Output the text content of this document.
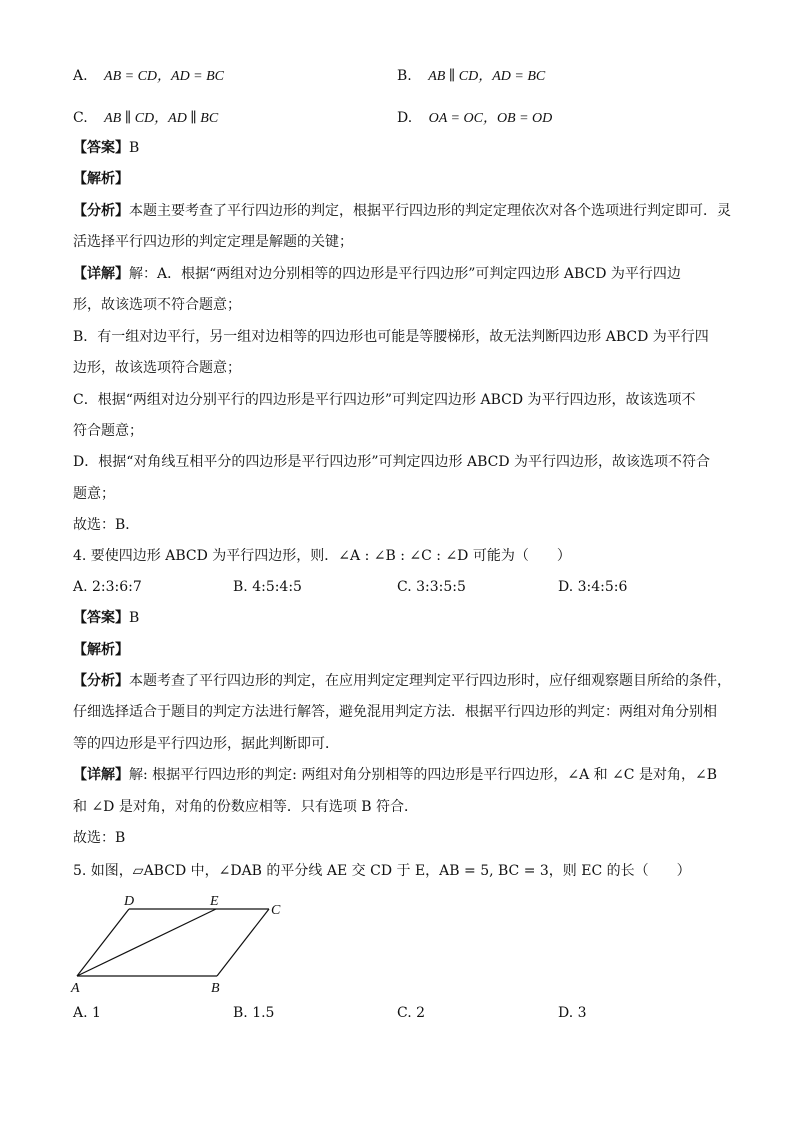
A. AB = CD，AD = BC	B. AB ∥ CD，AD = BC
C. AB ∥ CD，AD ∥ BC	D. OA = OC，OB = OD
【答案】B
【解析】
【分析】本题主要考查了平行四边形的判定，根据平行四边形的判定定理依次对各个选项进行判定即可．灵
活选择平行四边形的判定定理是解题的关键；
【详解】解：A．根据“两组对边分别相等的四边形是平行四边形”可判定四边形 ABCD 为平行四边
形，故该选项不符合题意；
B．有一组对边平行，另一组对边相等的四边形也可能是等腰梯形，故无法判断四边形 ABCD 为平行四
边形，故该选项符合题意；
C．根据“两组对边分别平行的四边形是平行四边形”可判定四边形 ABCD 为平行四边形，故该选项不
符合题意；
D．根据“对角线互相平分的四边形是平行四边形”可判定四边形 ABCD 为平行四边形，故该选项不符合
题意；
故选：B．
4. 要使四边形 ABCD 为平行四边形，则．∠A : ∠B : ∠C : ∠D 可能为（　　）
A. 2:3:6:7	B. 4:5:4:5	C. 3:3:5:5	D. 3:4:5:6
【答案】B
【解析】
【分析】本题考查了平行四边形的判定，在应用判定定理判定平行四边形时，应仔细观察题目所给的条件，
仔细选择适合于题目的判定方法进行解答，避免混用判定方法．根据平行四边形的判定：两组对角分别相
等的四边形是平行四边形，据此判断即可．
【详解】解: 根据平行四边形的判定: 两组对角分别相等的四边形是平行四边形，∠A 和 ∠C 是对角，∠B
和 ∠D 是对角，对角的份数应相等．只有选项 B 符合．
故选：B
5. 如图，▱ABCD 中，∠DAB 的平分线 AE 交 CD 于 E，AB = 5, BC = 3，则 EC 的长（　　）
D	E
C
A	B
A. 1	B. 1.5	C. 2	D. 3
